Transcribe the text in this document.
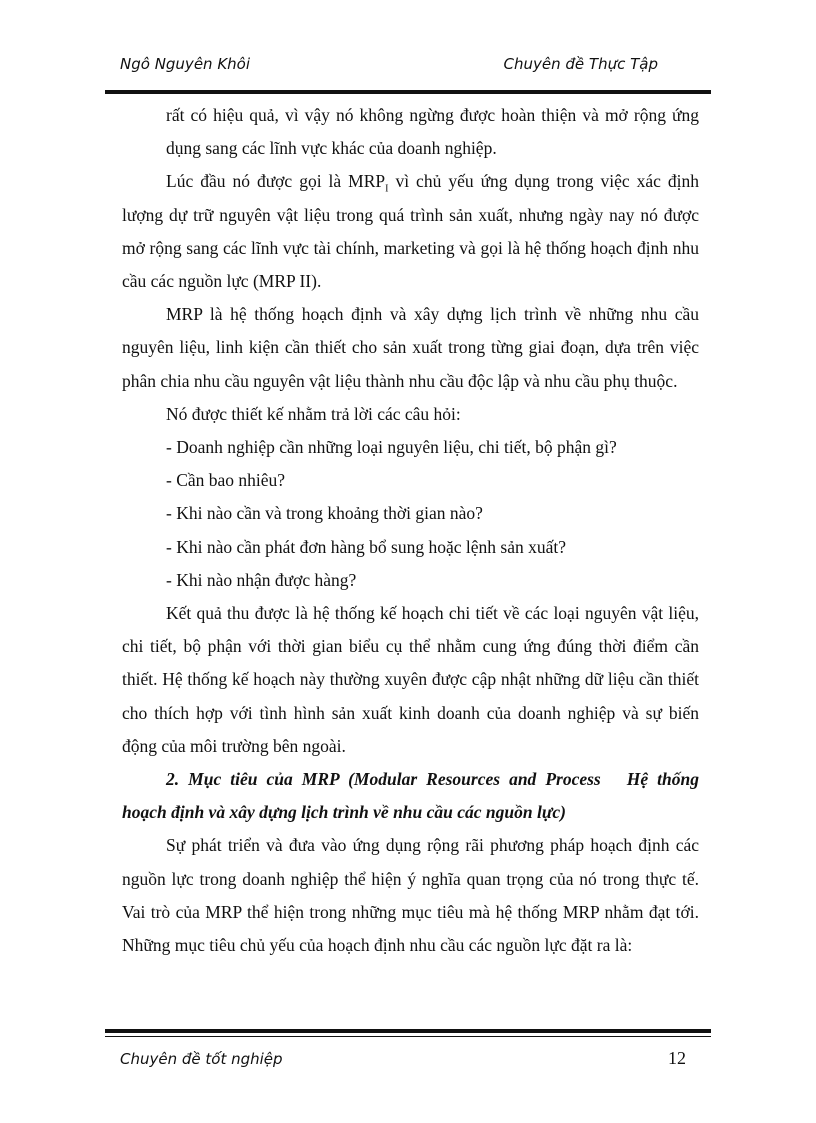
Ngô Nguyên Khôi	Chuyên đề Thực Tập

rất có hiệu quả, vì vậy nó không ngừng được hoàn thiện và mở rộng ứng dụng sang các lĩnh vực khác của doanh nghiệp.

Lúc đầu nó được gọi là $MRP_I$ vì chủ yếu ứng dụng trong việc xác định lượng dự trữ nguyên vật liệu trong quá trình sản xuất, nhưng ngày nay nó được mở rộng sang các lĩnh vực tài chính, marketing và gọi là hệ thống hoạch định nhu cầu các nguồn lực (MRP II).

MRP là hệ thống hoạch định và xây dựng lịch trình về những nhu cầu nguyên liệu, linh kiện cần thiết cho sản xuất trong từng giai đoạn, dựa trên việc phân chia nhu cầu nguyên vật liệu thành nhu cầu độc lập và nhu cầu phụ thuộc.

Nó được thiết kế nhằm trả lời các câu hỏi:

- Doanh nghiệp cần những loại nguyên liệu, chi tiết, bộ phận gì?

- Cần bao nhiêu?

- Khi nào cần và trong khoảng thời gian nào?

- Khi nào cần phát đơn hàng bổ sung hoặc lệnh sản xuất?

- Khi nào nhận được hàng?

Kết quả thu được là hệ thống kế hoạch chi tiết về các loại nguyên vật liệu, chi tiết, bộ phận với thời gian biểu cụ thể nhằm cung ứng đúng thời điểm cần thiết. Hệ thống kế hoạch này thường xuyên được cập nhật những dữ liệu cần thiết cho thích hợp với tình hình sản xuất kinh doanh của doanh nghiệp và sự biến động của môi trường bên ngoài.

2. Mục tiêu của MRP (Modular Resources and Process Hệ thống hoạch định và xây dựng lịch trình về nhu cầu các nguồn lực)

Sự phát triển và đưa vào ứng dụng rộng rãi phương pháp hoạch định các nguồn lực trong doanh nghiệp thể hiện ý nghĩa quan trọng của nó trong thực tế. Vai trò của MRP thể hiện trong những mục tiêu mà hệ thống MRP nhằm đạt tới. Những mục tiêu chủ yếu của hoạch định nhu cầu các nguồn lực đặt ra là:

Chuyên đề tốt nghiệp	12
